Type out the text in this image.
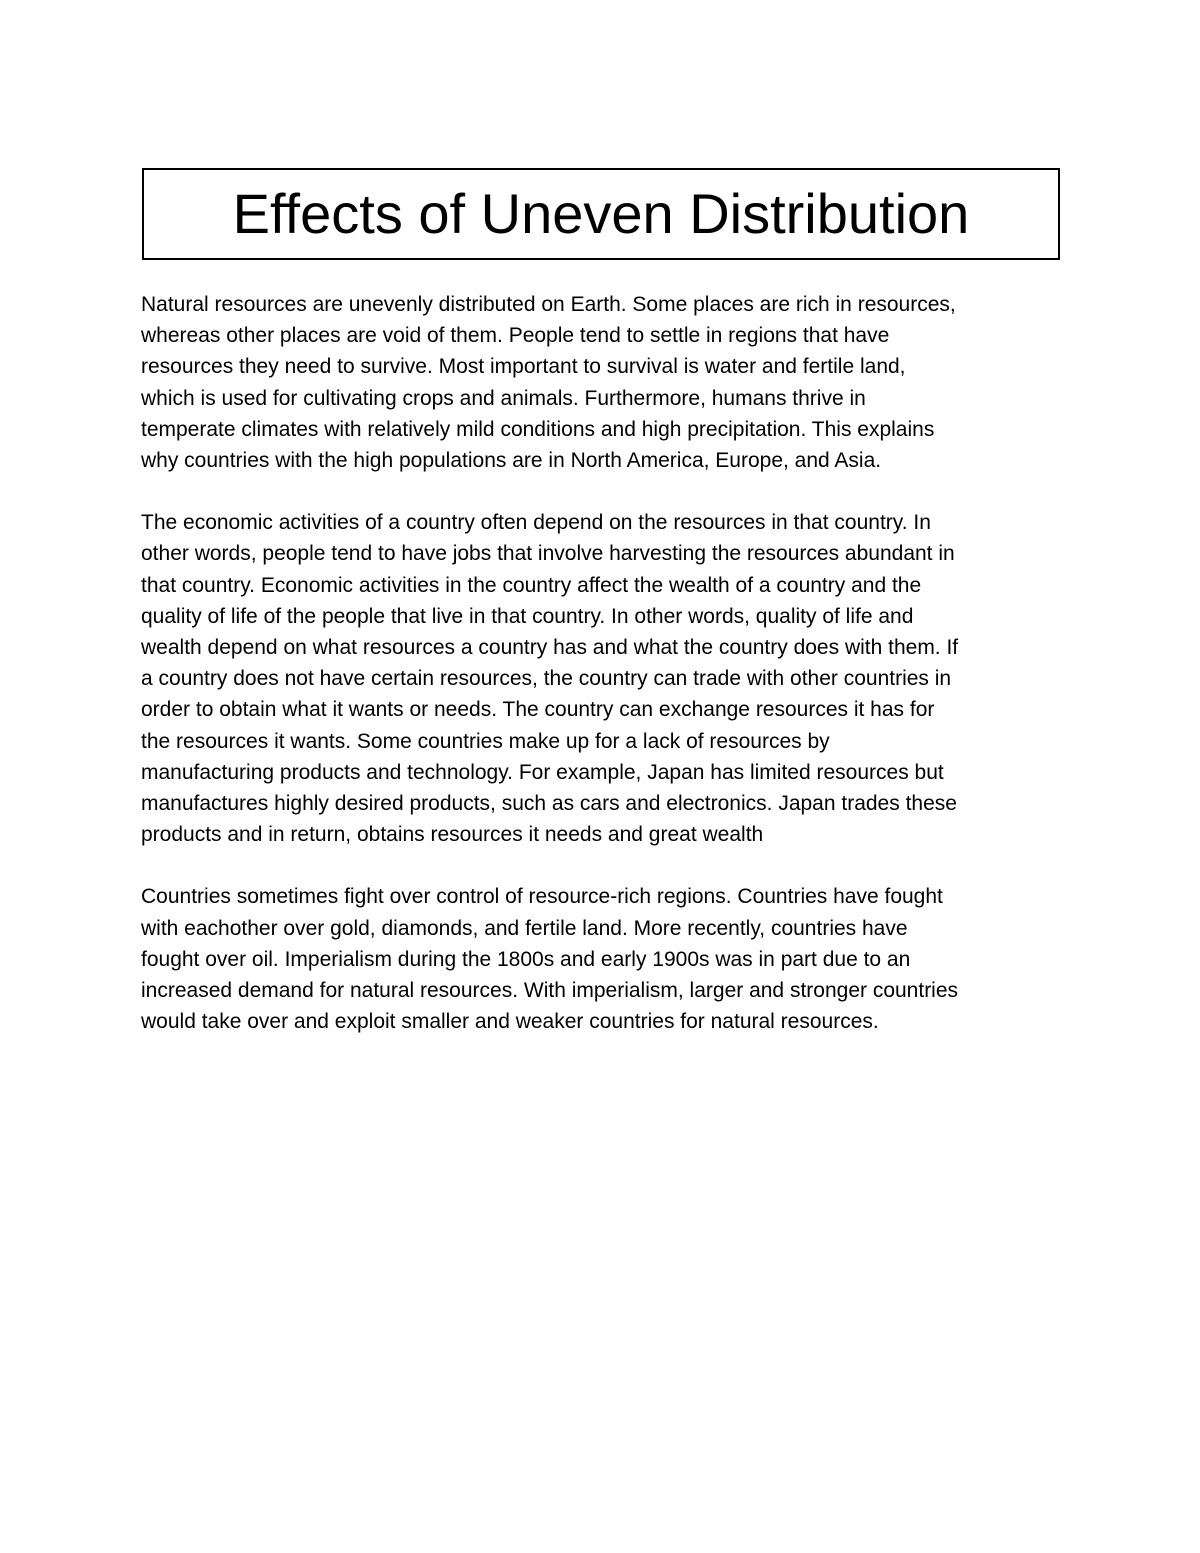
Effects of Uneven Distribution
Natural resources are unevenly distributed on Earth. Some places are rich in resources,
whereas other places are void of them. People tend to settle in regions that have
resources they need to survive. Most important to survival is water and fertile land,
which is used for cultivating crops and animals. Furthermore, humans thrive in
temperate climates with relatively mild conditions and high precipitation. This explains
why countries with the high populations are in North America, Europe, and Asia.
The economic activities of a country often depend on the resources in that country. In
other words, people tend to have jobs that involve harvesting the resources abundant in
that country. Economic activities in the country affect the wealth of a country and the
quality of life of the people that live in that country. In other words, quality of life and
wealth depend on what resources a country has and what the country does with them. If
a country does not have certain resources, the country can trade with other countries in
order to obtain what it wants or needs. The country can exchange resources it has for
the resources it wants. Some countries make up for a lack of resources by
manufacturing products and technology. For example, Japan has limited resources but
manufactures highly desired products, such as cars and electronics. Japan trades these
products and in return, obtains resources it needs and great wealth
Countries sometimes fight over control of resource-rich regions. Countries have fought
with eachother over gold, diamonds, and fertile land. More recently, countries have
fought over oil. Imperialism during the 1800s and early 1900s was in part due to an
increased demand for natural resources. With imperialism, larger and stronger countries
would take over and exploit smaller and weaker countries for natural resources.
